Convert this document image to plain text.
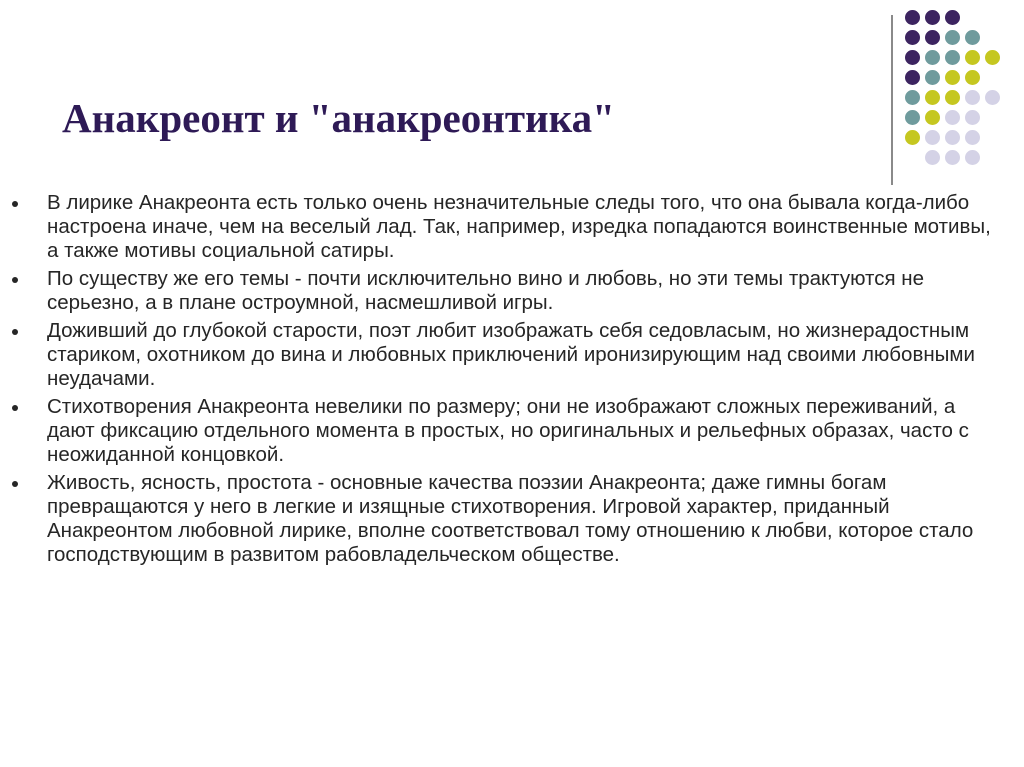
Анакреонт и "анакреонтика"
В лирике Анакреонта есть только очень незначительные следы того, что она бывала когда-либо настроена иначе, чем на веселый лад. Так, например, изредка попадаются воинственные мотивы, а также мотивы социальной сатиры.
По существу же его темы - почти исключительно вино и любовь, но эти темы трактуются не серьезно, а в плане остроумной, насмешливой игры.
Доживший до глубокой старости, поэт любит изображать себя седовласым, но жизнерадостным стариком, охотником до вина и любовных приключений иронизирующим над своими любовными неудачами.
Стихотворения Анакреонта невелики по размеру; они не изображают сложных переживаний, а дают фиксацию отдельного момента в простых, но оригинальных и рельефных образах, часто с неожиданной концовкой.
Живость, ясность, простота - основные качества поэзии Анакреонта; даже гимны богам превращаются у него в легкие и изящные стихотворения. Игровой характер, приданный Анакреонтом любовной лирике, вполне соответствовал тому отношению к любви, которое стало господствующим в развитом рабовладельческом обществе.
